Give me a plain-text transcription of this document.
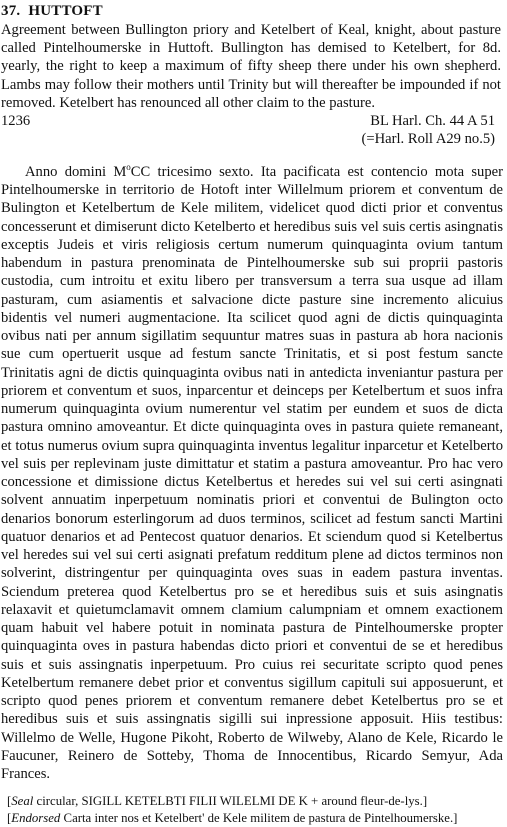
37. HUTTOFT
Agreement between Bullington priory and Ketelbert of Keal, knight, about pasture called Pintelhoumerske in Huttoft. Bullington has demised to Ketelbert, for 8d. yearly, the right to keep a maximum of fifty sheep there under his own shepherd. Lambs may follow their mothers until Trinity but will thereafter be impounded if not removed. Ketelbert has renounced all other claim to the pasture.
1236	BL Harl. Ch. 44 A 51
(=Harl. Roll A29 no.5)
Anno domini $M^oCC$ tricesimo sexto. Ita pacificata est contencio mota super Pintelhoumerske in territorio de Hotoft inter Willelmum priorem et conventum de Bulington et Ketelbertum de Kele militem, videlicet quod dicti prior et conventus concesserunt et dimiserunt dicto Ketelberto et heredibus suis vel suis certis asingnatis exceptis Judeis et viris religiosis certum numerum quinquaginta ovium tantum habendum in pastura prenominata de Pintelhoumerske sub sui proprii pastoris custodia, cum introitu et exitu libero per transversum a terra sua usque ad illam pasturam, cum asiamentis et salvacione dicte pasture sine incremento alicuius bidentis vel numeri augmentacione. Ita scilicet quod agni de dictis quinquaginta ovibus nati per annum sigillatim sequuntur matres suas in pastura ab hora nacionis sue cum opertuerit usque ad festum sancte Trinitatis, et si post festum sancte Trinitatis agni de dictis quinquaginta ovibus nati in antedicta inveniantur pastura per priorem et conventum et suos, inparcentur et deinceps per Ketelbertum et suos infra numerum quinquaginta ovium numerentur vel statim per eundem et suos de dicta pastura omnino amoveantur. Et dicte quinquaginta oves in pastura quiete remaneant, et totus numerus ovium supra quinquaginta inventus legalitur inparcetur et Ketelberto vel suis per replevinam juste dimittatur et statim a pastura amoveantur. Pro hac vero concessione et dimissione dictus Ketelbertus et heredes sui vel sui certi asingnati solvent annuatim inperpetuum nominatis priori et conventui de Bulington octo denarios bonorum esterlingorum ad duos terminos, scilicet ad festum sancti Martini quatuor denarios et ad Pentecost quatuor denarios. Et sciendum quod si Ketelbertus vel heredes sui vel sui certi asignati prefatum redditum plene ad dictos terminos non solverint, distringentur per quinquaginta oves suas in eadem pastura inventas. Sciendum preterea quod Ketelbertus pro se et heredibus suis et suis asingnatis relaxavit et quietumclamavit omnem clamium calumpniam et omnem exactionem quam habuit vel habere potuit in nominata pastura de Pintelhoumerske propter quinquaginta oves in pastura habendas dicto priori et conventui de se et heredibus suis et suis assingnatis inperpetuum. Pro cuius rei securitate scripto quod penes Ketelbertum remanere debet prior et conventus sigillum capituli sui apposuerunt, et scripto quod penes priorem et conventum remanere debet Ketelbertus pro se et heredibus suis et suis assingnatis sigilli sui inpressione apposuit. Hiis testibus: Willelmo de Welle, Hugone Pikoht, Roberto de Wilweby, Alano de Kele, Ricardo le Faucuner, Reinero de Sotteby, Thoma de Innocentibus, Ricardo Semyur, Ada Frances.
[Seal circular, SIGILL KETELBTI FILII WILELMI DE K + around fleur-de-lys.]
[Endorsed Carta inter nos et Ketelbert' de Kele militem de pastura de Pintelhoumerske.]
